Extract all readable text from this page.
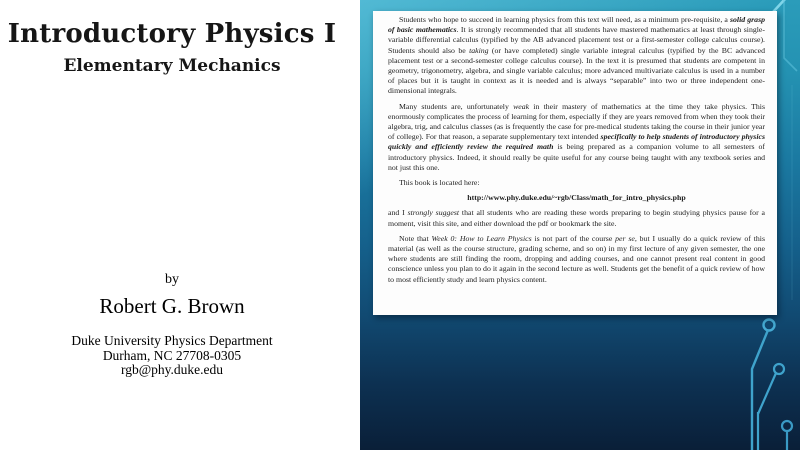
Introductory Physics I
Elementary Mechanics
by
Robert G. Brown
Duke University Physics Department
Durham, NC 27708-0305
rgb@phy.duke.edu

Students who hope to succeed in learning physics from this text will need, as a minimum pre-requisite, a solid grasp of basic mathematics. It is strongly recommended that all students have mastered mathematics at least through single-variable differential calculus (typified by the AB advanced placement test or a first-semester college calculus course). Students should also be taking (or have completed) single variable integral calculus (typified by the BC advanced placement test or a second-semester college calculus course). In the text it is presumed that students are competent in geometry, trigonometry, algebra, and single variable calculus; more advanced multivariate calculus is used in a number of places but it is taught in context as it is needed and is always “separable” into two or three independent one-dimensional integrals.

Many students are, unfortunately weak in their mastery of mathematics at the time they take physics. This enormously complicates the process of learning for them, especially if they are years removed from when they took their algebra, trig, and calculus classes (as is frequently the case for pre-medical students taking the course in their junior year of college). For that reason, a separate supplementary text intended specifically to help students of introductory physics quickly and efficiently review the required math is being prepared as a companion volume to all semesters of introductory physics. Indeed, it should really be quite useful for any course being taught with any textbook series and not just this one.

This book is located here:

http://www.phy.duke.edu/~rgb/Class/math_for_intro_physics.php

and I strongly suggest that all students who are reading these words preparing to begin studying physics pause for a moment, visit this site, and either download the pdf or bookmark the site.

Note that Week 0: How to Learn Physics is not part of the course per se, but I usually do a quick review of this material (as well as the course structure, grading scheme, and so on) in my first lecture of any given semester, the one where students are still finding the room, dropping and adding courses, and one cannot present real content in good conscience unless you plan to do it again in the second lecture as well. Students get the benefit of a quick review of how to most efficiently study and learn physics content.
